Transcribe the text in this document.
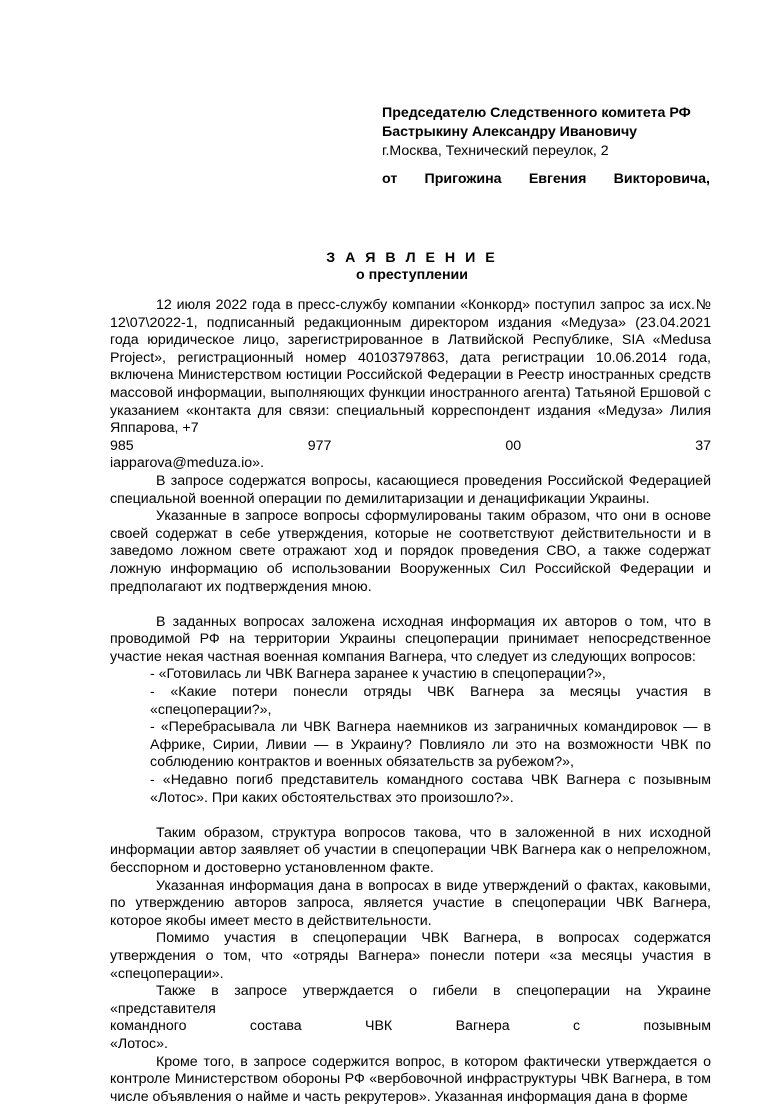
Председателю Следственного комитета РФ
Бастрыкину Александру Ивановичу
г.Москва, Технический переулок, 2
от Пригожина Евгения Викторовича,
З А Я В Л Е Н И Е
о преступлении

12 июля 2022 года в пресс-службу компании «Конкорд» поступил запрос за исх.№ 12\07\2022-1, подписанный редакционным директором издания «Медуза» (23.04.2021 года юридическое лицо, зарегистрированное в Латвийской Республике, SIA «Medusa Project», регистрационный номер 40103797863, дата регистрации 10.06.2014 года, включена Министерством юстиции Российской Федерации в Реестр иностранных средств массовой информации, выполняющих функции иностранного агента) Татьяной Ершовой с указанием «контакта для связи: специальный корреспондент издания «Медуза» Лилия Яппарова, +7

985	977	00	37

iapparova@meduza.io».

В запросе содержатся вопросы, касающиеся проведения Российской Федерацией специальной военной операции по демилитаризации и денацификации Украины.

Указанные в запросе вопросы сформулированы таким образом, что они в основе своей содержат в себе утверждения, которые не соответствуют действительности и в заведомо ложном свете отражают ход и порядок проведения СВО, а также содержат ложную информацию об использовании Вооруженных Сил Российской Федерации и предполагают их подтверждения мною.

В заданных вопросах заложена исходная информация их авторов о том, что в проводимой РФ на территории Украины спецоперации принимает непосредственное участие некая частная военная компания Вагнера, что следует из следующих вопросов:

- «Готовилась ли ЧВК Вагнера заранее к участию в спецоперации?»,

- «Какие потери понесли отряды ЧВК Вагнера за месяцы участия в «спецоперации?»,

- «Перебрасывала ли ЧВК Вагнера наемников из заграничных командировок — в Африке, Сирии, Ливии — в Украину? Повлияло ли это на возможности ЧВК по соблюдению контрактов и военных обязательств за рубежом?»,

- «Недавно погиб представитель командного состава ЧВК Вагнера с позывным «Лотос». При каких обстоятельствах это произошло?».

Таким образом, структура вопросов такова, что в заложенной в них исходной информации автор заявляет об участии в спецоперации ЧВК Вагнера как о непреложном, бесспорном и достоверно установленном факте.

Указанная информация дана в вопросах в виде утверждений о фактах, каковыми, по утверждению авторов запроса, является участие в спецоперации ЧВК Вагнера, которое якобы имеет место в действительности.

Помимо участия в спецоперации ЧВК Вагнера, в вопросах содержатся утверждения о том, что «отряды Вагнера» понесли потери «за месяцы участия в «спецоперации».

Также в запросе утверждается о гибели в спецоперации на Украине «представителя

командного	состава	ЧВК	Вагнера	с	позывным

«Лотос».

Кроме того, в запросе содержится вопрос, в котором фактически утверждается о контроле Министерством обороны РФ «вербовочной инфраструктуры ЧВК Вагнера, в том числе объявления о найме и часть рекрутеров». Указанная информация дана в форме
